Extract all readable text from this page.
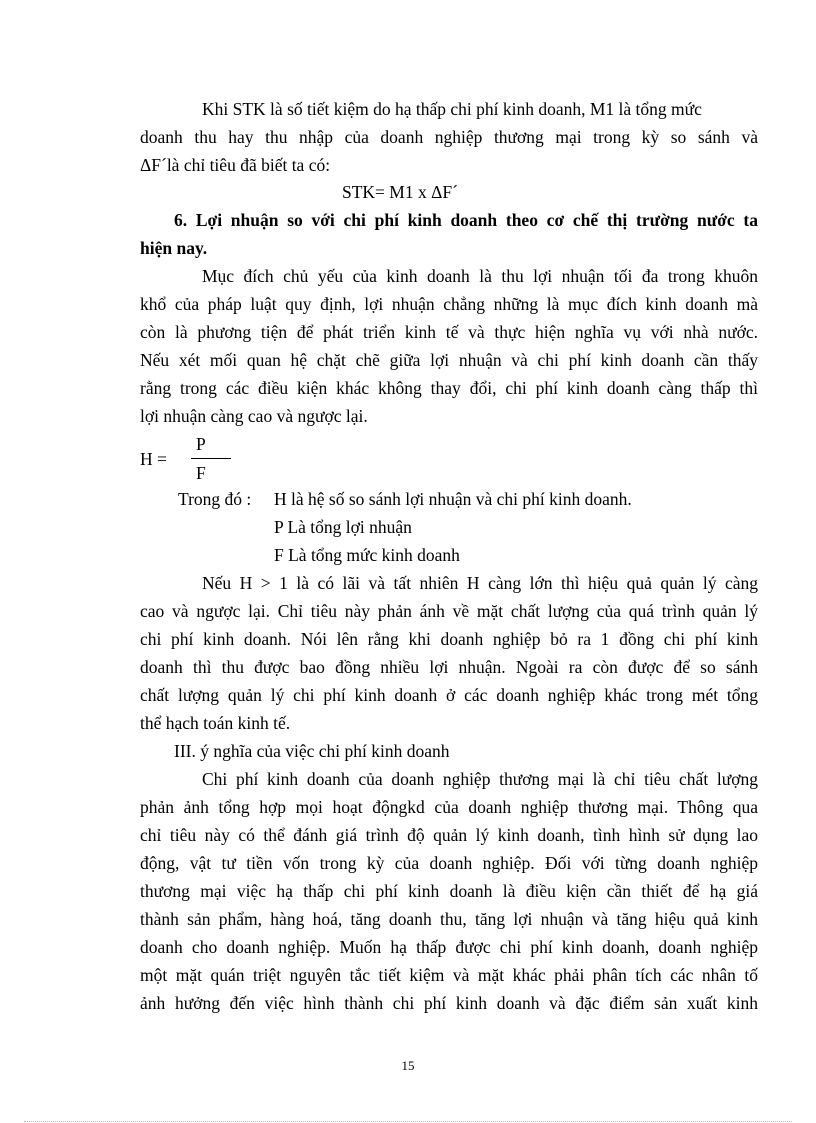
Khi STK là số tiết kiệm do hạ thấp chi phí kinh doanh, M1 là tổng mức
doanh thu hay thu nhập của doanh nghiệp thương mại trong kỳ so sánh và
ΔF´là chỉ tiêu đã biết ta có:
STK= M1 x ΔF´
6. Lợi nhuận so với chi phí kinh doanh theo cơ chế thị trường nước ta
hiện nay.
Mục đích chủ yếu của kinh doanh là thu lợi nhuận tối đa trong khuôn
khổ của pháp luật quy định, lợi nhuận chẳng những là mục đích kinh doanh mà
còn là phương tiện để phát triển kinh tế và thực hiện nghĩa vụ với nhà nước.
Nếu xét mối quan hệ chặt chẽ giữa lợi nhuận và chi phí kinh doanh cần thấy
rằng trong các điều kiện khác không thay đổi, chi phí kinh doanh càng thấp thì
lợi nhuận càng cao và ngược lại.
P
H =
F
Trong đó : H là hệ số so sánh lợi nhuận và chi phí kinh doanh.
P Là tổng lợi nhuận
F Là tổng mức kinh doanh
Nếu H > 1 là có lãi và tất nhiên H càng lớn thì hiệu quả quản lý càng
cao và ngược lại. Chỉ tiêu này phản ánh về mặt chất lượng của quá trình quản lý
chi phí kinh doanh. Nói lên rằng khi doanh nghiệp bỏ ra 1 đồng chi phí kinh
doanh thì thu được bao đồng nhiều lợi nhuận. Ngoài ra còn được để so sánh
chất lượng quản lý chi phí kinh doanh ở các doanh nghiệp khác trong mét tổng
thể hạch toán kinh tế.
III. ý nghĩa của việc chi phí kinh doanh
Chi phí kinh doanh của doanh nghiệp thương mại là chỉ tiêu chất lượng
phản ảnh tổng hợp mọi hoạt độngkd của doanh nghiệp thương mại. Thông qua
chỉ tiêu này có thể đánh giá trình độ quản lý kinh doanh, tình hình sử dụng lao
động, vật tư tiền vốn trong kỳ của doanh nghiệp. Đối với từng doanh nghiệp
thương mại việc hạ thấp chi phí kinh doanh là điều kiện cần thiết để hạ giá
thành sản phẩm, hàng hoá, tăng doanh thu, tăng lợi nhuận và tăng hiệu quả kinh
doanh cho doanh nghiệp. Muốn hạ thấp được chi phí kinh doanh, doanh nghiệp
một mặt quán triệt nguyên tắc tiết kiệm và mặt khác phải phân tích các nhân tố
ảnh hưởng đến việc hình thành chi phí kinh doanh và đặc điểm sản xuất kinh
15
